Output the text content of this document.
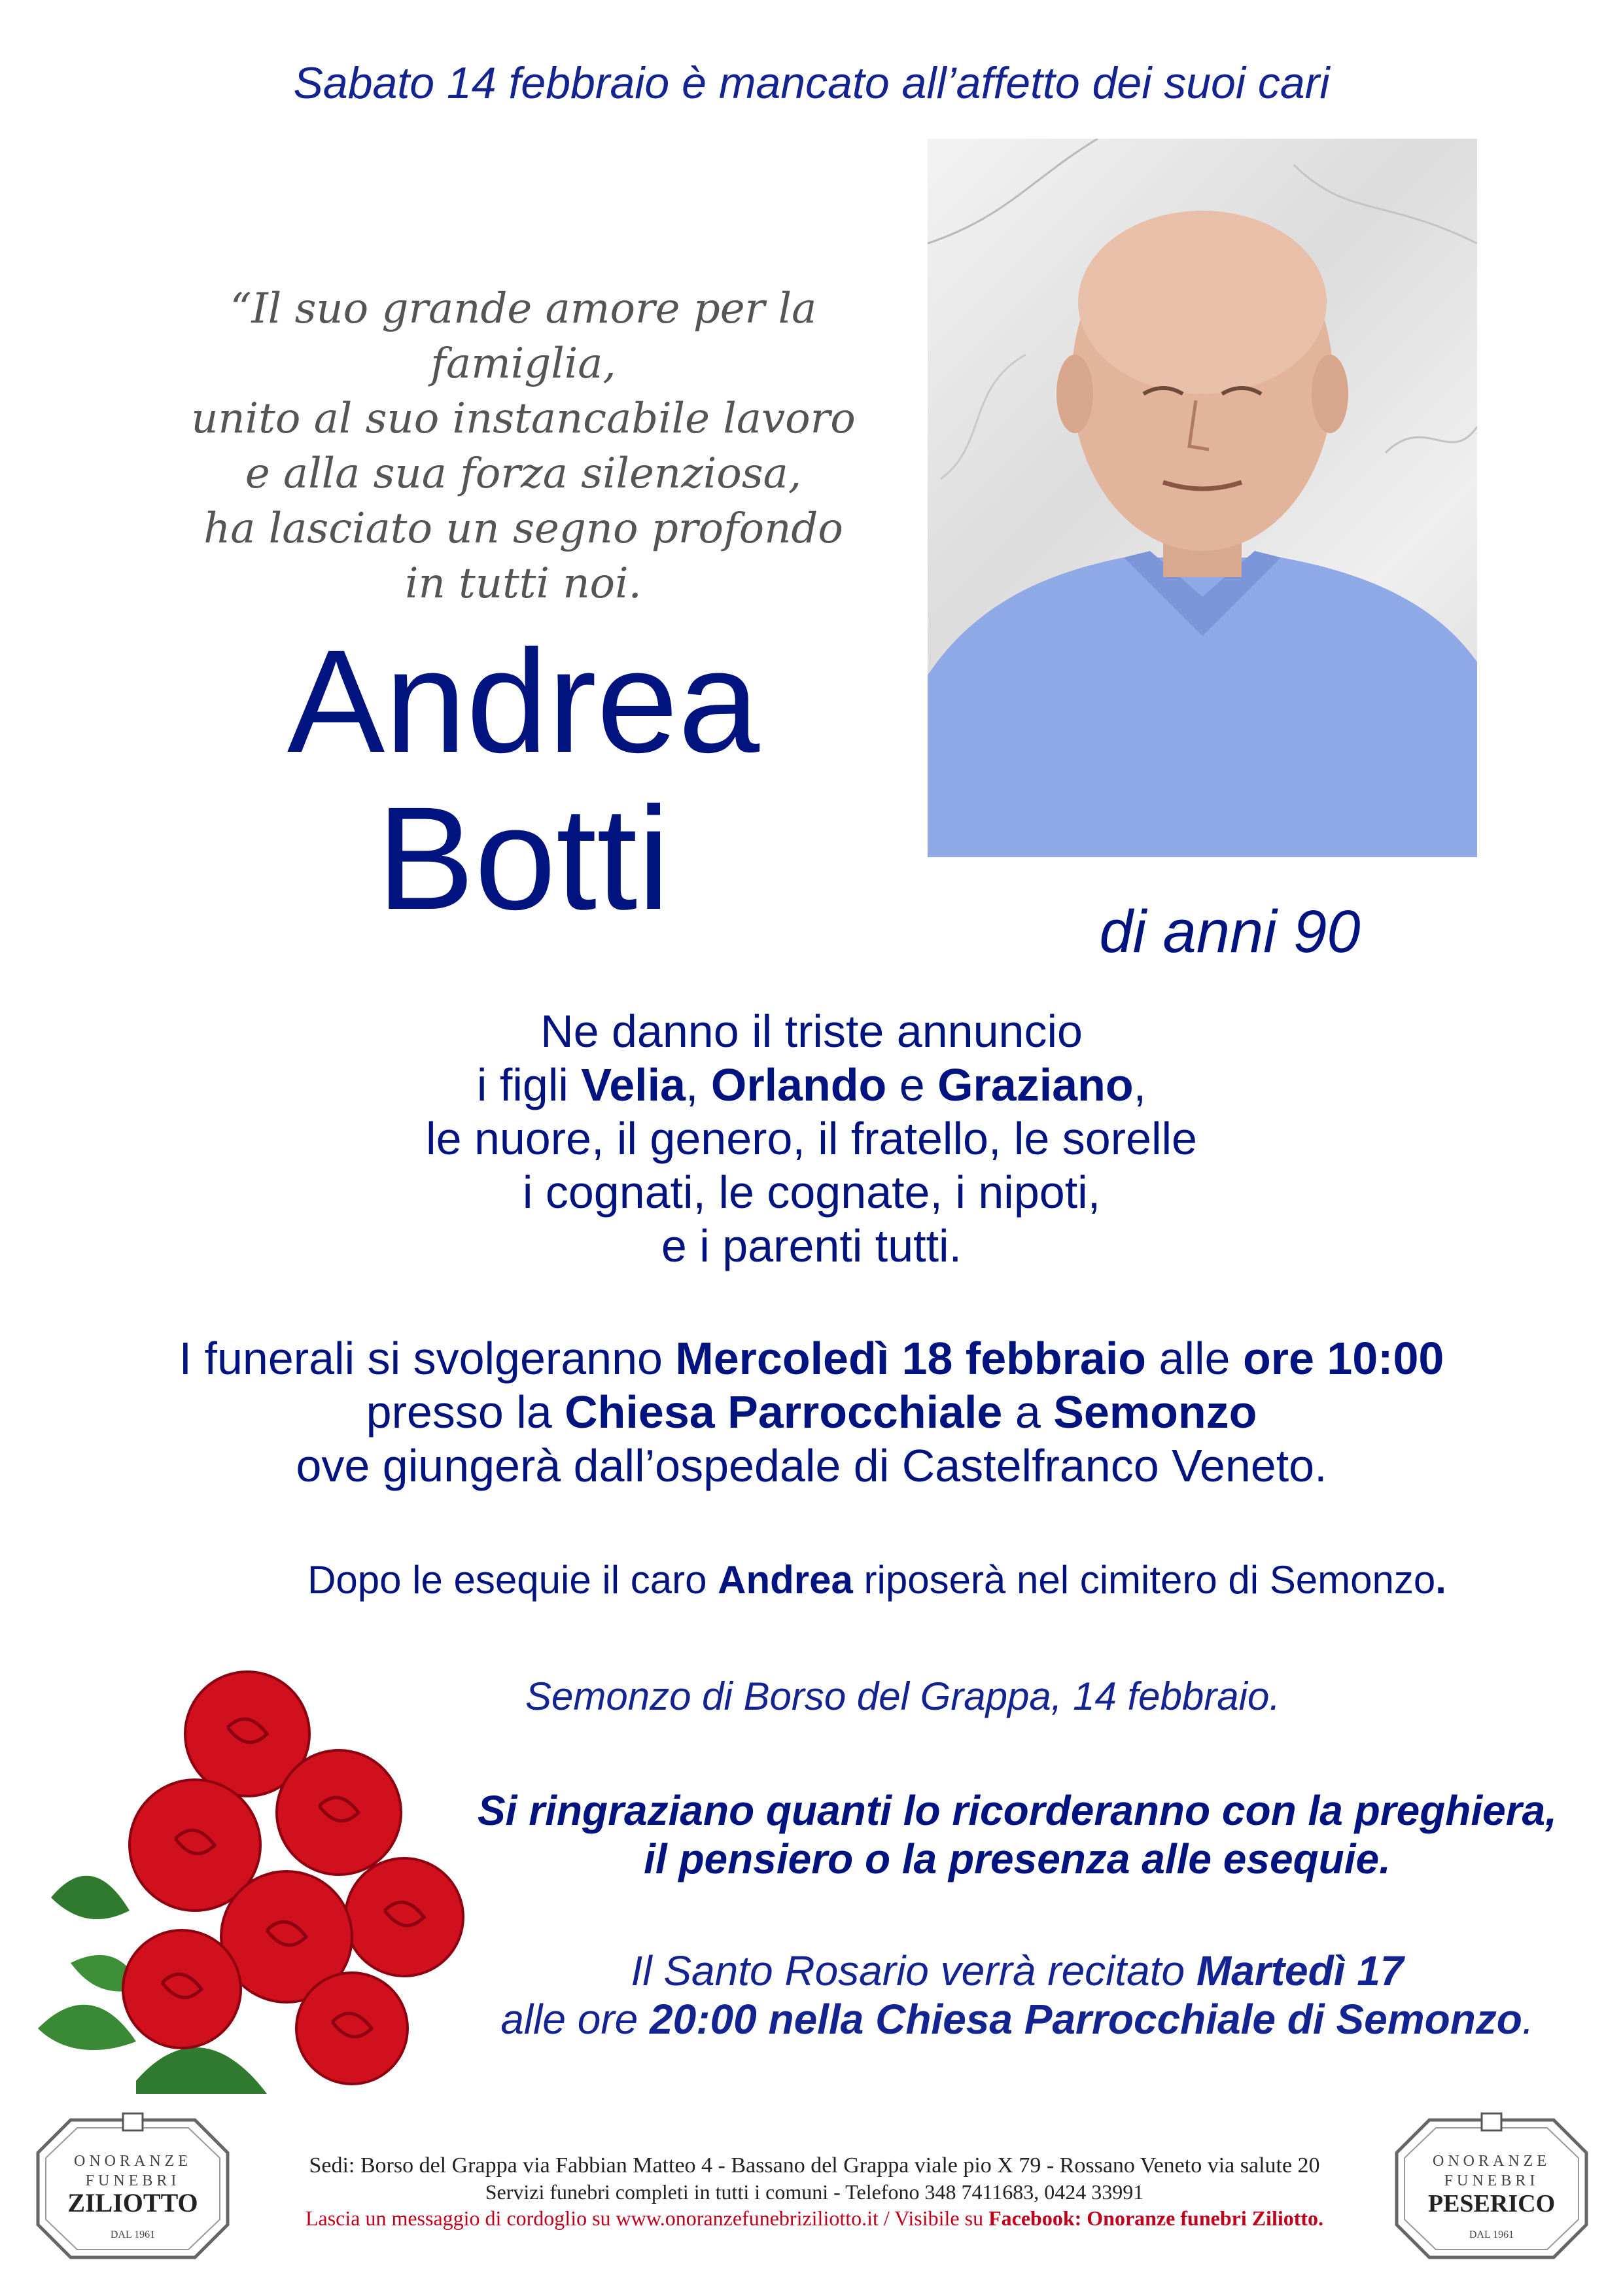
Sabato 14 febbraio è mancato all’affetto dei suoi cari
“Il suo grande amore per la famiglia,
unito al suo instancabile lavoro
e alla sua forza silenziosa,
ha lasciato un segno profondo
in tutti noi.
Andrea
Botti	di anni 90
Ne danno il triste annuncio
i figli Velia, Orlando e Graziano,
le nuore, il genero, il fratello, le sorelle
i cognati, le cognate, i nipoti,
e i parenti tutti.
I funerali si svolgeranno Mercoledì 18 febbraio alle ore 10:00
presso la Chiesa Parrocchiale a Semonzo
ove giungerà dall’ospedale di Castelfranco Veneto.
Dopo le esequie il caro Andrea riposerà nel cimitero di Semonzo.
Semonzo di Borso del Grappa, 14 febbraio.
Si ringraziano quanti lo ricorderanno con la preghiera,
il pensiero o la presenza alle esequie.
Il Santo Rosario verrà recitato Martedì 17
alle ore 20:00 nella Chiesa Parrocchiale di Semonzo.
ONORANZE
FUNEBRI
ZILIOTTO
DAL 1961
ONORANZE
FUNEBRI
PESERICO
DAL 1961
Sedi: Borso del Grappa via Fabbian Matteo 4 - Bassano del Grappa viale pio X 79 - Rossano Veneto via salute 20
Servizi funebri completi in tutti i comuni - Telefono 348 7411683, 0424 33991
Lascia un messaggio di cordoglio su www.onoranzefunebriziliotto.it / Visibile su Facebook: Onoranze funebri Ziliotto.
